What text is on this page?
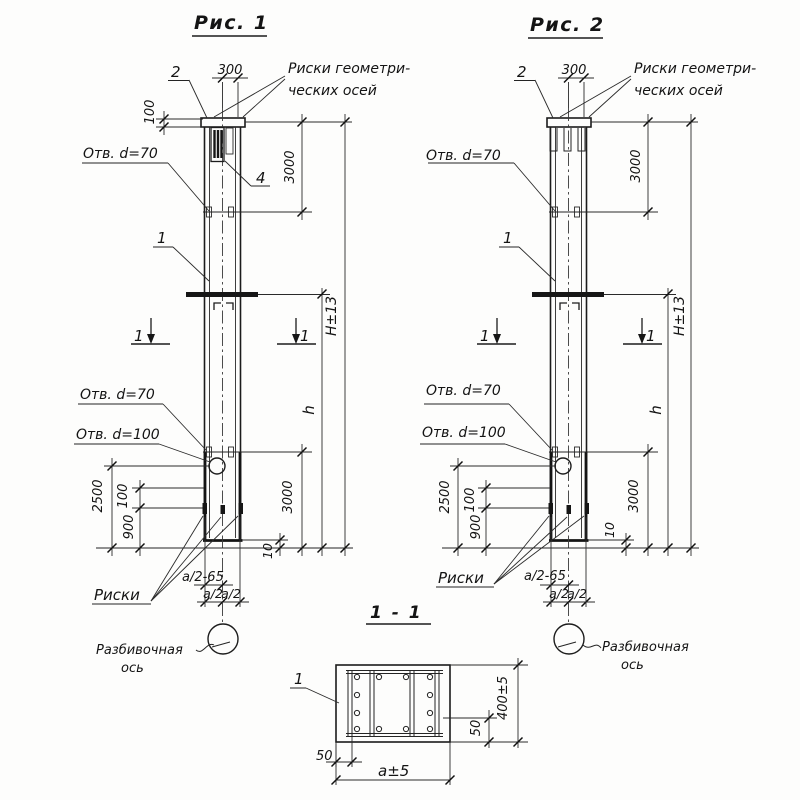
Рис. 1
2	300	Риски геометри-
ческих осей
100
Отв. d=70
4 3000
1
1	1 H±13
h
Отв. d=70
Отв. d=100
2500 100
900
3000
10
Риски
a/2-65
a/2
a/2
Разбивочная
ось
Рис. 2
2	300	Риски геометри-
ческих осей
Отв. d=70	3000
1
1	1 H±13
h
Отв. d=70
Отв. d=100
2500 100
900
3000
10
Риски	a/2-65
a/2
a/2
Разбивочная
ось
1 - 1
1
50
a±5
50
400±5
